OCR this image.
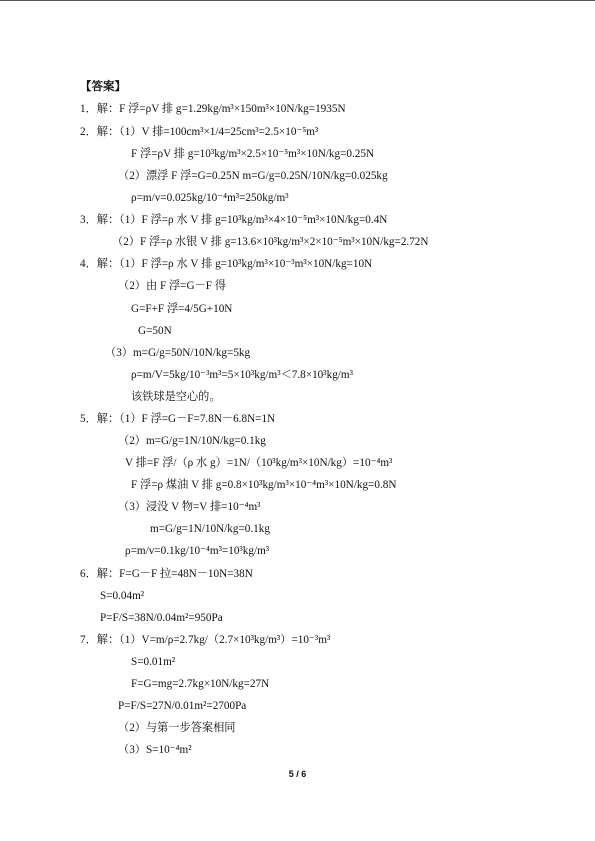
【答案】
1．解：F 浮=ρV 排 g=1.29kg/m³×150m³×10N/kg=1935N
2．解：（1）V 排=100cm³×1/4=25cm³=2.5×10⁻⁵m³
F 浮=ρV 排 g=10³kg/m³×2.5×10⁻⁵m³×10N/kg=0.25N
（2）漂浮 F 浮=G=0.25N m=G/g=0.25N/10N/kg=0.025kg
ρ=m/v=0.025kg/10⁻⁴m³=250kg/m³
3．解：（1）F 浮=ρ 水 V 排 g=10³kg/m³×4×10⁻⁵m³×10N/kg=0.4N
（2）F 浮=ρ 水银 V 排 g=13.6×10³kg/m³×2×10⁻⁵m³×10N/kg=2.72N
4．解：（1）F 浮=ρ 水 V 排 g=10³kg/m³×10⁻³m³×10N/kg=10N
（2）由 F 浮=G－F 得
G=F+F 浮=4/5G+10N
G=50N
（3）m=G/g=50N/10N/kg=5kg
ρ=m/V=5kg/10⁻³m³=5×10³kg/m³＜7.8×10³kg/m³
该铁球是空心的。
5．解：（1）F 浮=G－F=7.8N－6.8N=1N
（2）m=G/g=1N/10N/kg=0.1kg
V 排=F 浮/（ρ 水 g）=1N/（10³kg/m³×10N/kg）=10⁻⁴m³
F 浮=ρ 煤油 V 排 g=0.8×10³kg/m³×10⁻⁴m³×10N/kg=0.8N
（3）浸没 V 物=V 排=10⁻⁴m³
m=G/g=1N/10N/kg=0.1kg
ρ=m/v=0.1kg/10⁻⁴m³=10³kg/m³
6．解：F=G－F 拉=48N－10N=38N
S=0.04m²
P=F/S=38N/0.04m²=950Pa
7．解：（1）V=m/ρ=2.7kg/（2.7×10³kg/m³）=10⁻³m³
S=0.01m²
F=G=mg=2.7kg×10N/kg=27N
P=F/S=27N/0.01m²=2700Pa
（2）与第一步答案相同
（3）S=10⁻⁴m²
5 / 6
